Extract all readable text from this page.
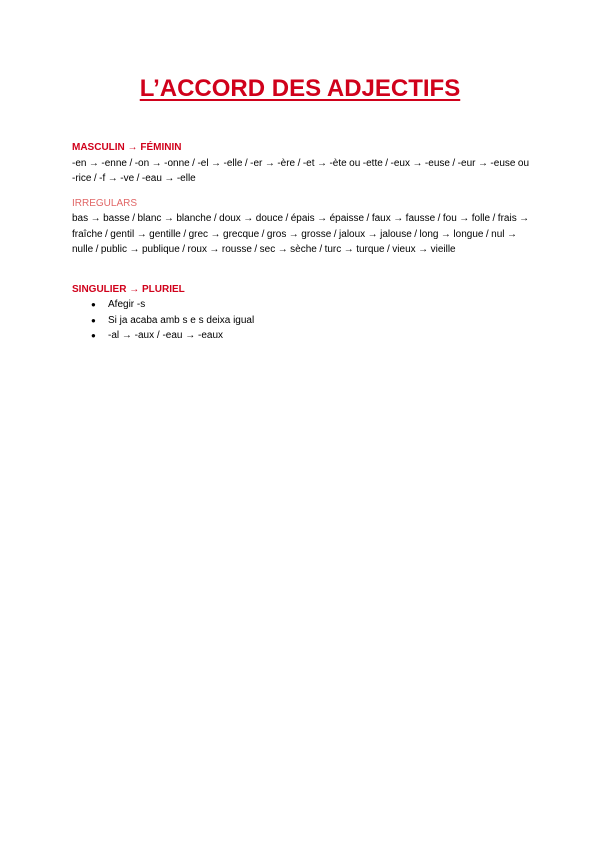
L’ACCORD DES ADJECTIFS

MASCULIN → FÉMININ

-en → -enne / -on → -onne / -el → -elle / -er → -ère / -et → -ète ou -ette / -eux → -euse / -eur → -euse ou -rice / -f → -ve / -eau → -elle

IRREGULARS

bas → basse / blanc → blanche / doux → douce / épais → épaisse / faux → fausse / fou → folle / frais → fraîche / gentil → gentille / grec → grecque / gros → grosse / jaloux → jalouse / long → longue / nul → nulle / public → publique / roux → rousse / sec → sèche / turc → turque / vieux → vieille

SINGULIER → PLURIEL

● Afegir -s
● Si ja acaba amb s e s deixa igual
● -al → -aux / -eau → -eaux
